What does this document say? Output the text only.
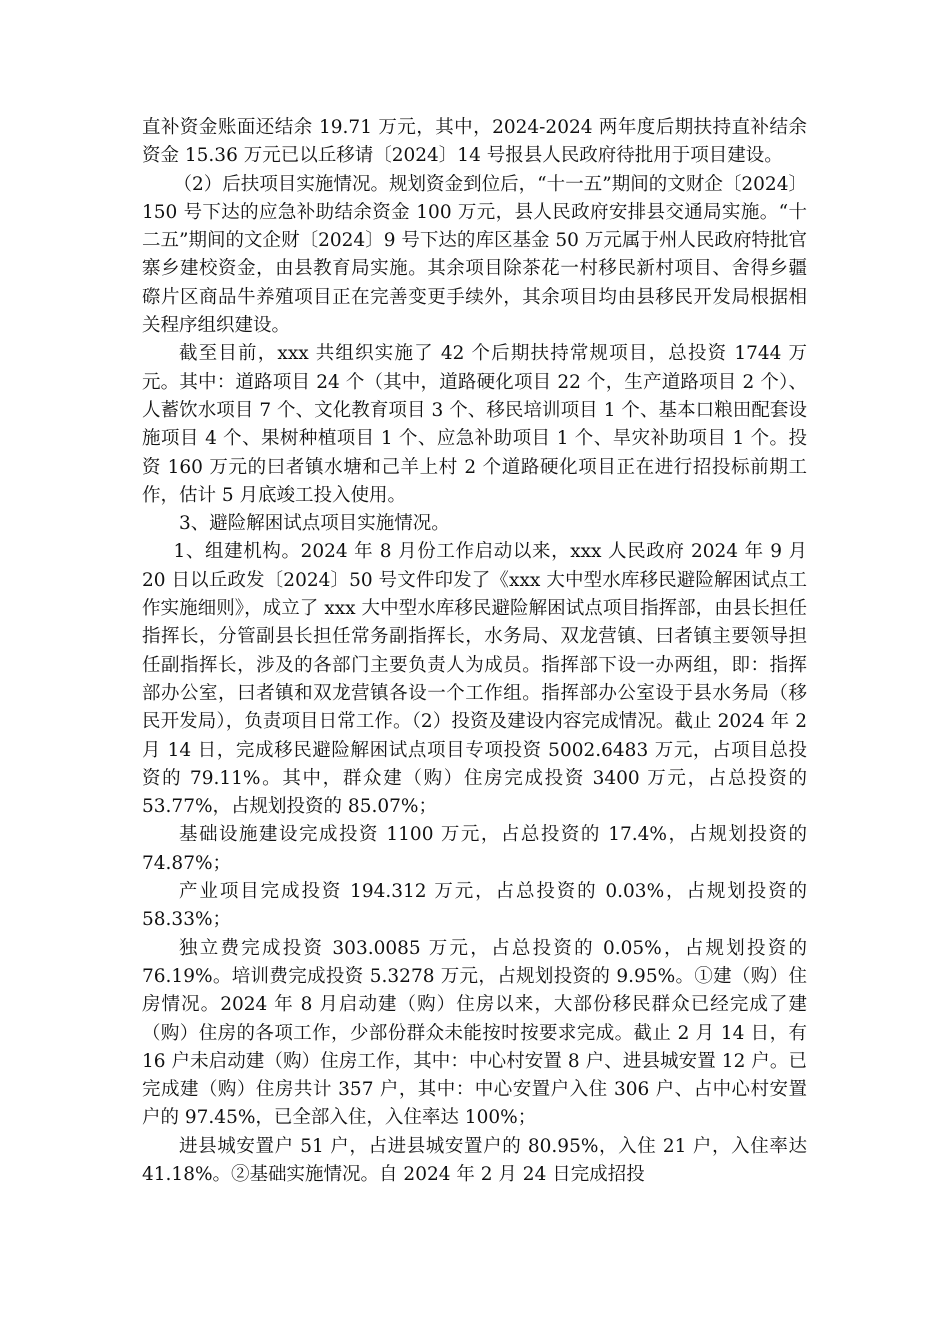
直补资金账面还结余 19.71 万元，其中，2024-2024 两年度后期扶持直补结余资金 15.36 万元已以丘移请〔2024〕14 号报县人民政府待批用于项目建设。

（2）后扶项目实施情况。规划资金到位后，“十一五”期间的文财企〔2024〕150 号下达的应急补助结余资金 100 万元，县人民政府安排县交通局实施。“十二五”期间的文企财〔2024〕9 号下达的库区基金 50 万元属于州人民政府特批官寨乡建校资金，由县教育局实施。其余项目除茶花一村移民新村项目、舍得乡疆磜片区商品牛养殖项目正在完善变更手续外，其余项目均由县移民开发局根据相关程序组织建设。

截至目前，xxx 共组织实施了 42 个后期扶持常规项目，总投资 1744 万元。其中：道路项目 24 个（其中，道路硬化项目 22 个，生产道路项目 2 个）、人蓄饮水项目 7 个、文化教育项目 3 个、移民培训项目 1 个、基本口粮田配套设施项目 4 个、果树种植项目 1 个、应急补助项目 1 个、旱灾补助项目 1 个。投资 160 万元的曰者镇水塘和己羊上村 2 个道路硬化项目正在进行招投标前期工作，估计 5 月底竣工投入使用。

3、避险解困试点项目实施情况。

1、组建机构。2024 年 8 月份工作启动以来，xxx 人民政府 2024 年 9 月 20 日以丘政发〔2024〕50 号文件印发了《xxx 大中型水库移民避险解困试点工作实施细则》，成立了 xxx 大中型水库移民避险解困试点项目指挥部，由县长担任指挥长，分管副县长担任常务副指挥长，水务局、双龙营镇、曰者镇主要领导担任副指挥长，涉及的各部门主要负责人为成员。指挥部下设一办两组，即：指挥部办公室，曰者镇和双龙营镇各设一个工作组。指挥部办公室设于县水务局（移民开发局），负责项目日常工作。（2）投资及建设内容完成情况。截止 2024 年 2 月 14 日，完成移民避险解困试点项目专项投资 5002.6483 万元，占项目总投资的 79.11%。其中，群众建（购）住房完成投资 3400 万元，占总投资的 53.77%，占规划投资的 85.07%；

基础设施建设完成投资 1100 万元，占总投资的 17.4%，占规划投资的 74.87%；

产业项目完成投资 194.312 万元，占总投资的 0.03%，占规划投资的 58.33%；

独立费完成投资 303.0085 万元，占总投资的 0.05%，占规划投资的 76.19%。培训费完成投资 5.3278 万元，占规划投资的 9.95%。①建（购）住房情况。2024 年 8 月启动建（购）住房以来，大部份移民群众已经完成了建（购）住房的各项工作，少部份群众未能按时按要求完成。截止 2 月 14 日，有 16 户未启动建（购）住房工作，其中：中心村安置 8 户、进县城安置 12 户。已完成建（购）住房共计 357 户，其中：中心安置户入住 306 户、占中心村安置户的 97.45%，已全部入住，入住率达 100%；

进县城安置户 51 户，占进县城安置户的 80.95%，入住 21 户，入住率达 41.18%。②基础实施情况。自 2024 年 2 月 24 日完成招投
